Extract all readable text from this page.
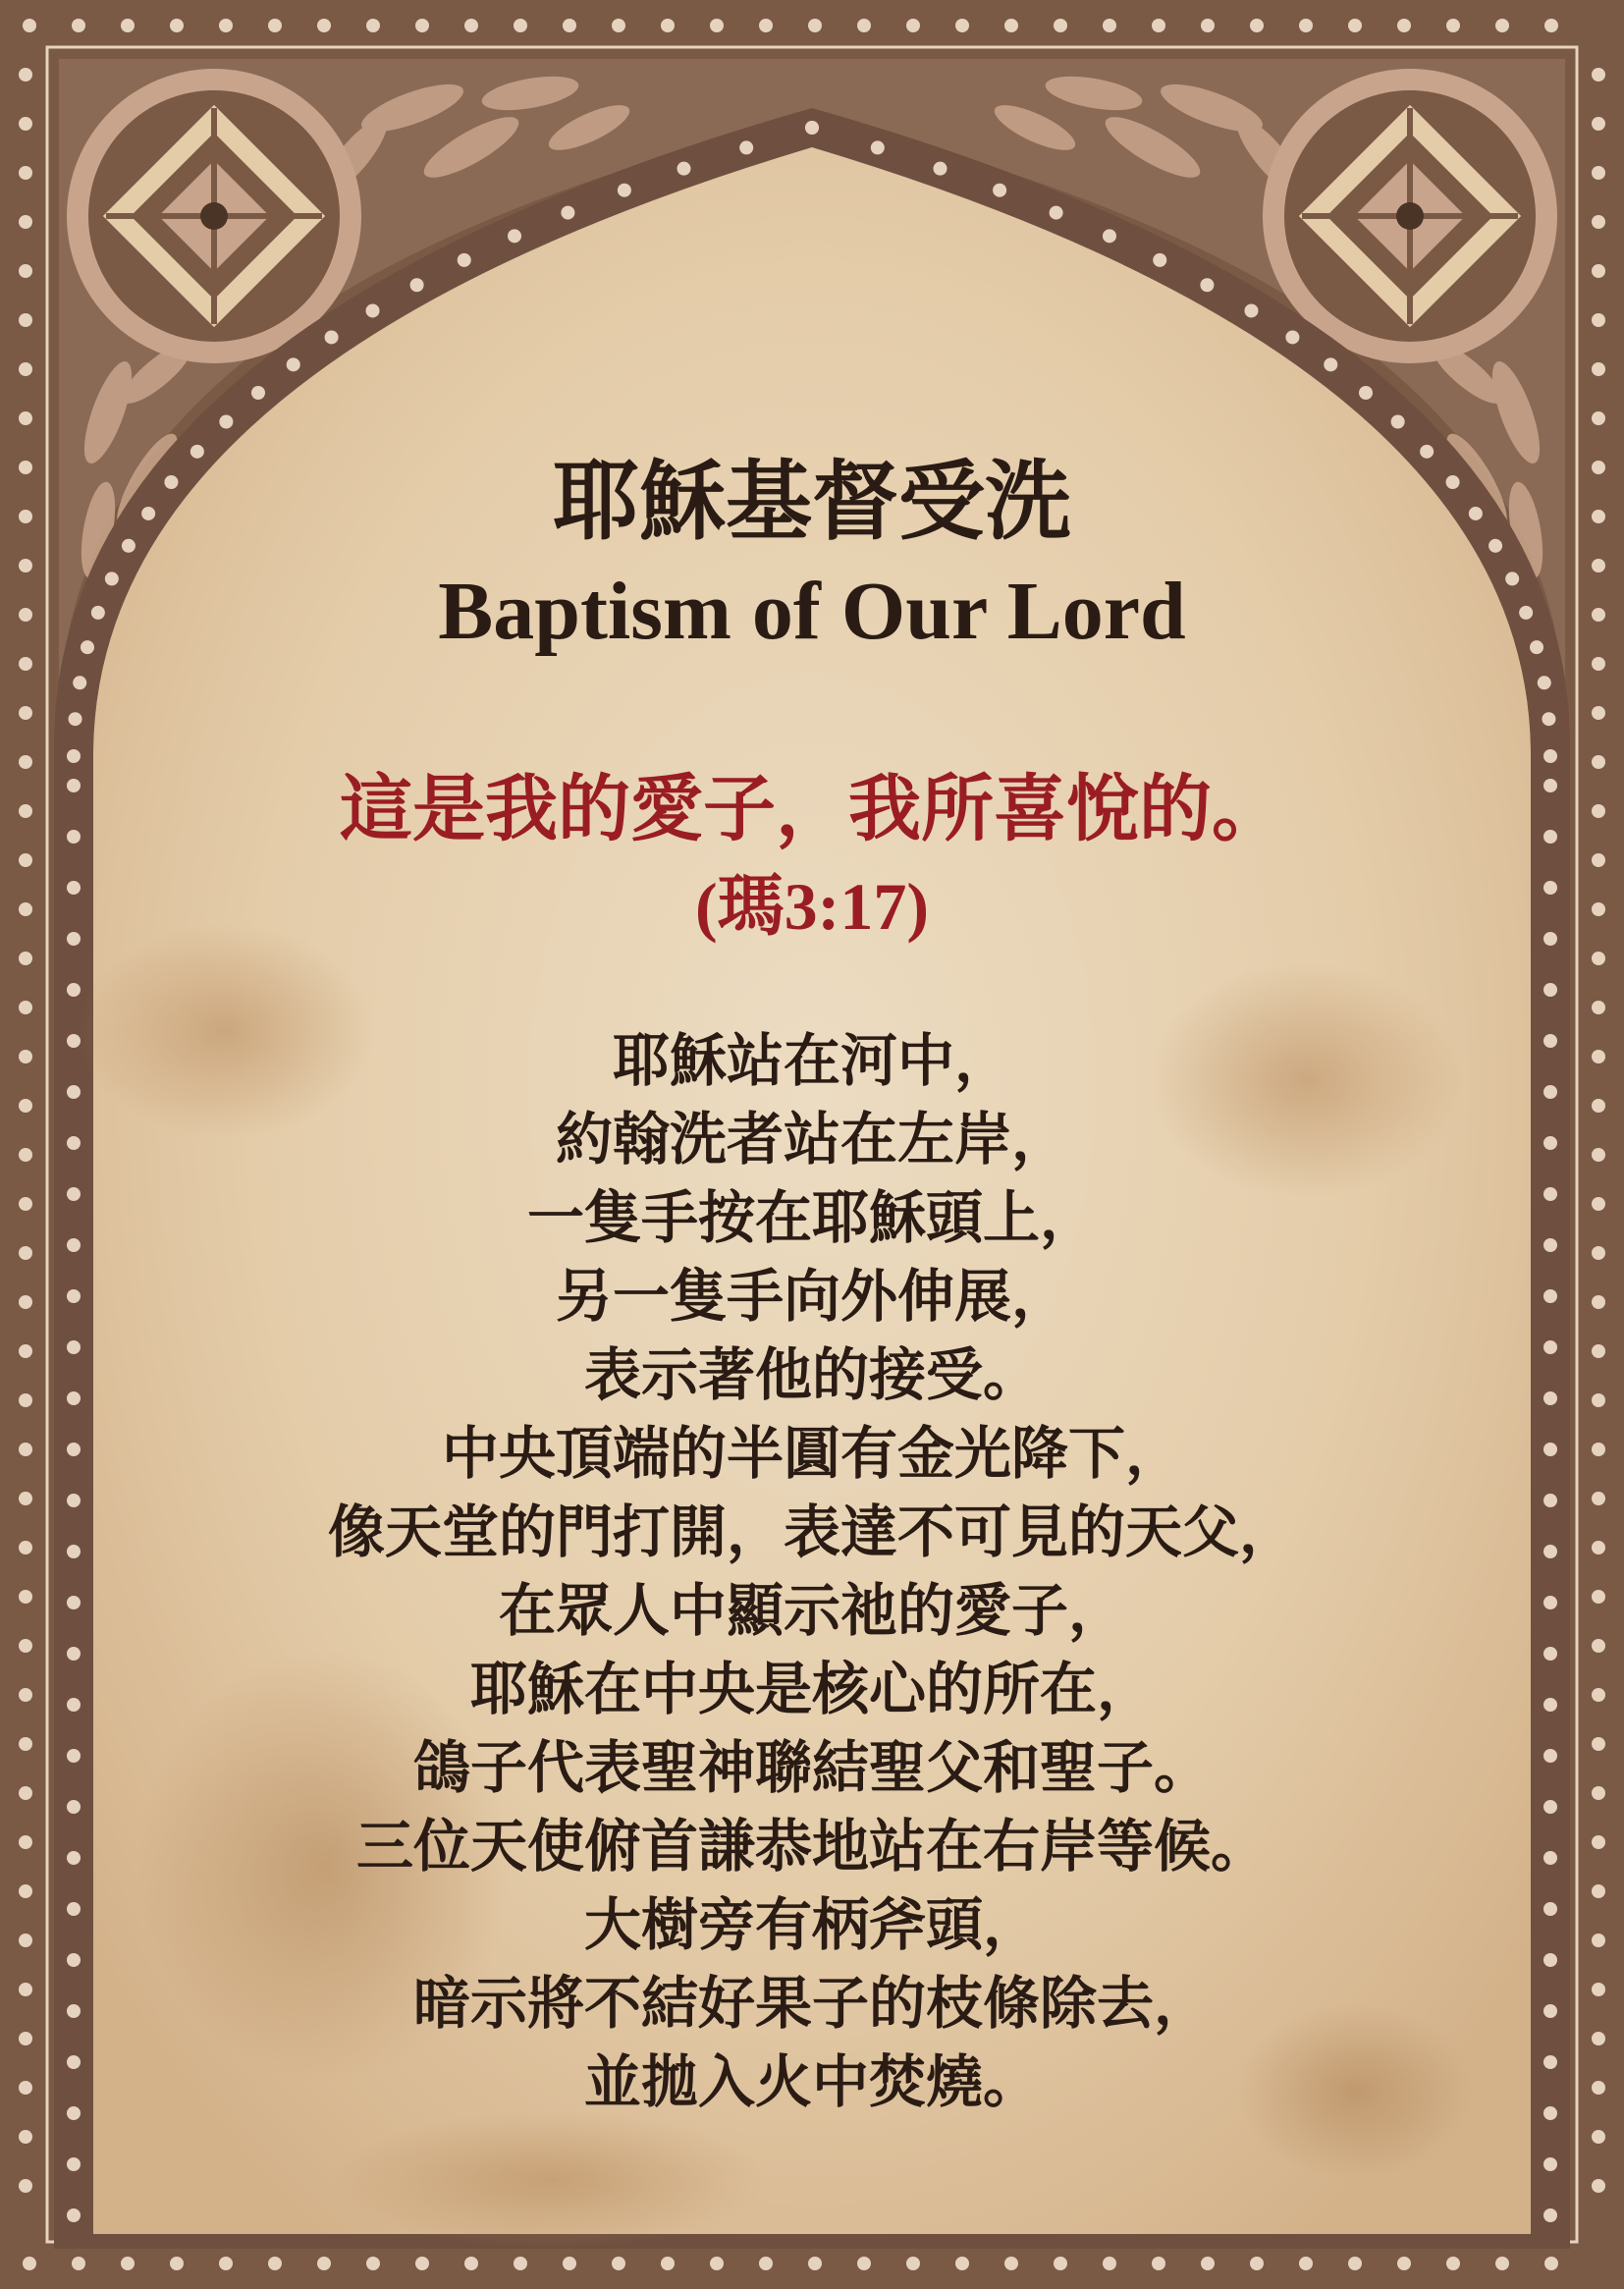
耶穌基督受洗
Baptism of Our Lord
這是我的愛子，我所喜悅的。
(瑪3:17)
耶穌站在河中，
約翰洗者站在左岸，
一隻手按在耶穌頭上，
另一隻手向外伸展，
表示著他的接受。
中央頂端的半圓有金光降下，
像天堂的門打開，表達不可見的天父，
在眾人中顯示祂的愛子，
耶穌在中央是核心的所在，
鴿子代表聖神聯結聖父和聖子。
三位天使俯首謙恭地站在右岸等候。
大樹旁有柄斧頭，
暗示將不結好果子的枝條除去，
並拋入火中焚燒。
